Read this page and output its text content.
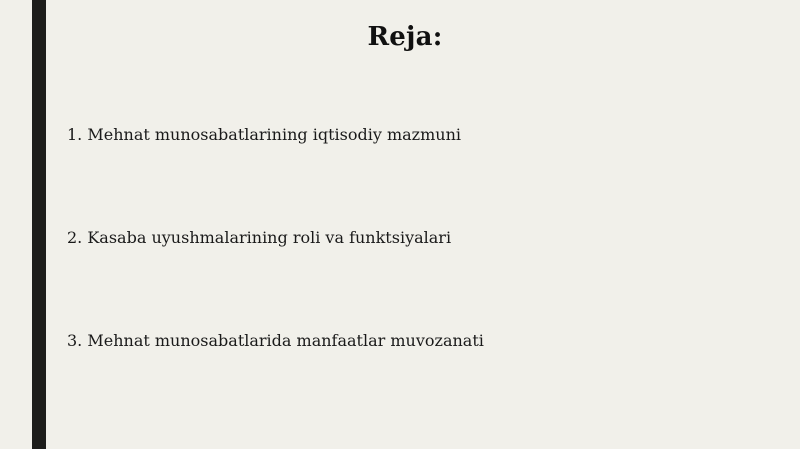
Reja:
1. Mehnat munosabatlarining iqtisodiy mazmuni
2. Kasaba uyushmalarining roli va funktsiyalari
3. Mehnat munosabatlarida manfaatlar muvozanati
